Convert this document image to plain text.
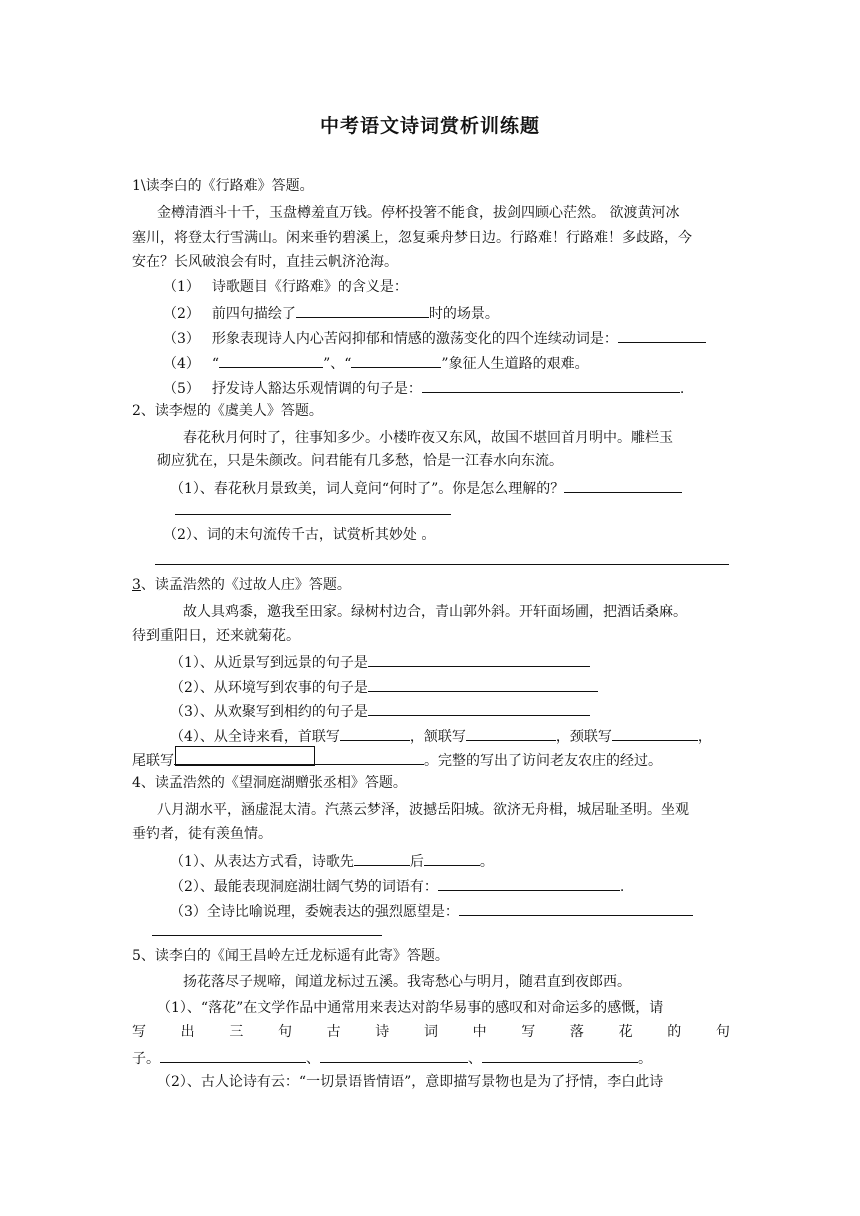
中考语文诗词赏析训练题
1\读李白的《行路难》答题。
金樽清酒斗十千，玉盘樽羞直万钱。停杯投箸不能食，拔剑四顾心茫然。 欲渡黄河冰
塞川，将登太行雪满山。闲来垂钓碧溪上，忽复乘舟梦日边。行路难！行路难！多歧路，今
安在？长风破浪会有时，直挂云帆济沧海。
（1） 诗歌题目《行路难》的含义是：
（2） 前四句描绘了	时的场景。
（3） 形象表现诗人内心苦闷抑郁和情感的激荡变化的四个连续动词是：
（4） “	”、“	”象征人生道路的艰难。
（5） 抒发诗人豁达乐观情调的句子是：	.
2、读李煜的《虞美人》答题。
春花秋月何时了，往事知多少。小楼昨夜又东风，故国不堪回首月明中。雕栏玉
砌应犹在，只是朱颜改。问君能有几多愁，恰是一江春水向东流。
（1）、春花秋月景致美，词人竟问“何时了”。你是怎么理解的？
（2）、词的末句流传千古，试赏析其妙处 。
3、读孟浩然的《过故人庄》答题。
故人具鸡黍，邀我至田家。绿树村边合，青山郭外斜。开轩面场圃，把酒话桑麻。
待到重阳日，还来就菊花。
（1）、从近景写到远景的句子是
（2）、从环境写到农事的句子是
（3）、从欢聚写到相约的句子是
（4）、从全诗来看，首联写	，颔联写	，颈联写	，
尾联写	。完整的写出了访问老友农庄的经过。
4、读孟浩然的《望洞庭湖赠张丞相》答题。
八月湖水平，涵虚混太清。汽蒸云梦泽，波撼岳阳城。欲济无舟楫，城居耻圣明。坐观
垂钓者，徒有羡鱼情。
（1）、从表达方式看，诗歌先	后	。
（2）、最能表现洞庭湖壮阔气势的词语有：	.
（3）全诗比喻说理，委婉表达的强烈愿望是：
5、读李白的《闻王昌岭左迁龙标遥有此寄》答题。
扬花落尽子规啼，闻道龙标过五溪。我寄愁心与明月，随君直到夜郎西。
（1）、“落花”在文学作品中通常用来表达对韵华易事的感叹和对命运多的感慨，请
写 出 三 句 古 诗 词 中 写 落 花 的 句
子。	、	、	。
（2）、古人论诗有云：“一切景语皆情语”，意即描写景物也是为了抒情，李白此诗
